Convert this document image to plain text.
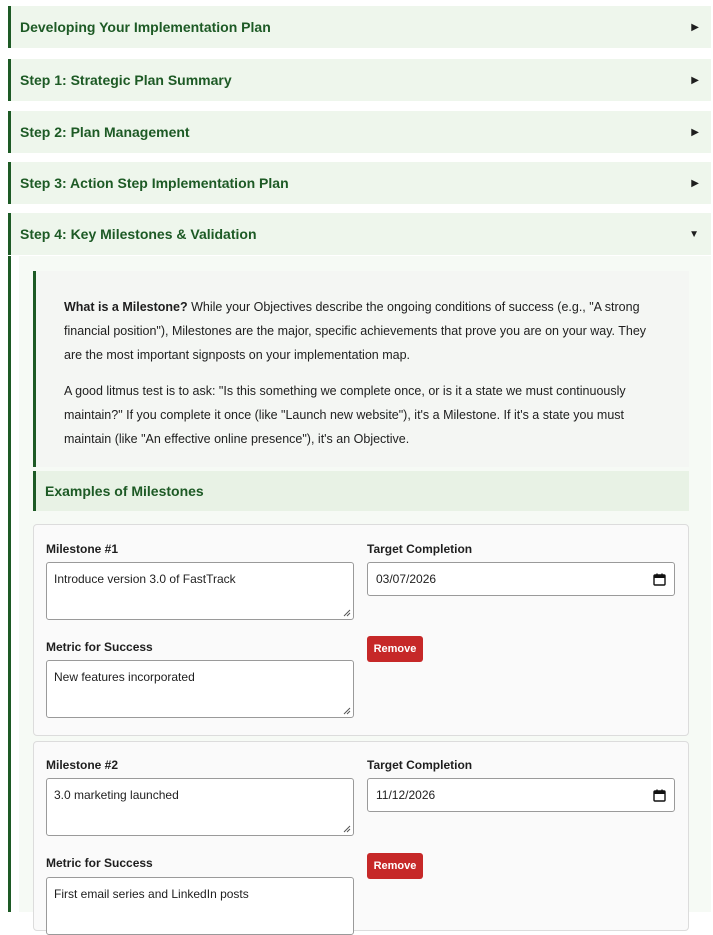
Developing Your Implementation Plan	▶
Step 1: Strategic Plan Summary	▶
Step 2: Plan Management	▶
Step 3: Action Step Implementation Plan	▶
Step 4: Key Milestones & Validation	▼

What is a Milestone? While your Objectives describe the ongoing conditions of success (e.g., "A strong financial position"), Milestones are the major, specific achievements that prove you are on your way. They are the most important signposts on your implementation map.

A good litmus test is to ask: "Is this something we complete once, or is it a state we must continuously maintain?" If you complete it once (like "Launch new website"), it's a Milestone. If it's a state you must maintain (like "An effective online presence"), it's an Objective.

Examples of Milestones
Milestone #1
Introduce version 3.0 of FastTrack
Target Completion
03/07/2026
Metric for Success
New features incorporated
Remove
Milestone #2
3.0 marketing launched
Target Completion
11/12/2026
Metric for Success
First email series and LinkedIn posts
Remove
